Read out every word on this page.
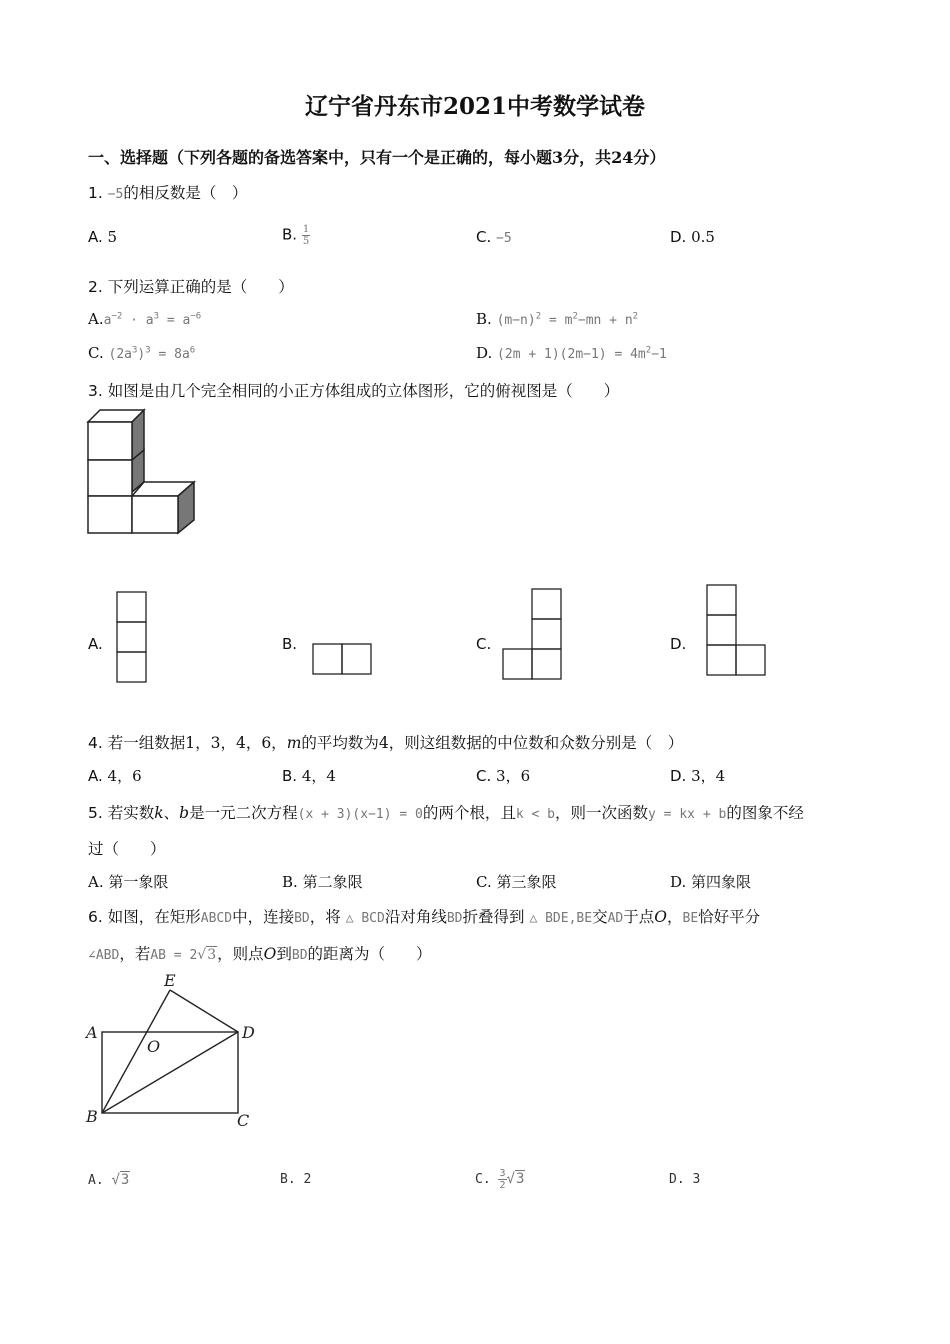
辽宁省丹东市2021中考数学试卷
一、选择题（下列各题的备选答案中，只有一个是正确的，每小题3分，共24分）
1. −5的相反数是（　）
A. 5	B. $\frac{1}{5}$	C. −5	D. 0.5
2. 下列运算正确的是（　　）
$A.a^{-2} \cdot a^3 = a^{-6}$	B. $(m-n)^2 = m^2-mn + n^2$
C. $(2a^3)^3 = 8a^6$	D. $(2m + 1)(2m-1) = 4m^2-1$
3. 如图是由几个完全相同的小正方体组成的立体图形，它的俯视图是（　　）
A.	B.	C.	D.
4. 若一组数据1，3，4，6，m的平均数为4，则这组数据的中位数和众数分别是（　）
A. 4，6	B. 4，4	C. 3，6	D. 3，4
5. 若实数k、b是一元二次方程(x + 3)(x−1) = 0的两个根，且k < b，则一次函数y = kx + b的图象不经
过（　　）
A. 第一象限	B. 第二象限	C. 第三象限	D. 第四象限
6. 如图，在矩形ABCD中，连接BD，将 △ BCD沿对角线BD折叠得到 △ BDE,BE交AD于点O，BE恰好平分
∠ABD，若AB = 2√3，则点O到BD的距离为（　　）
E
A
O
D
B	C
A. √3	B. 2	C. $\frac{3}{2} √3$	D. 3
